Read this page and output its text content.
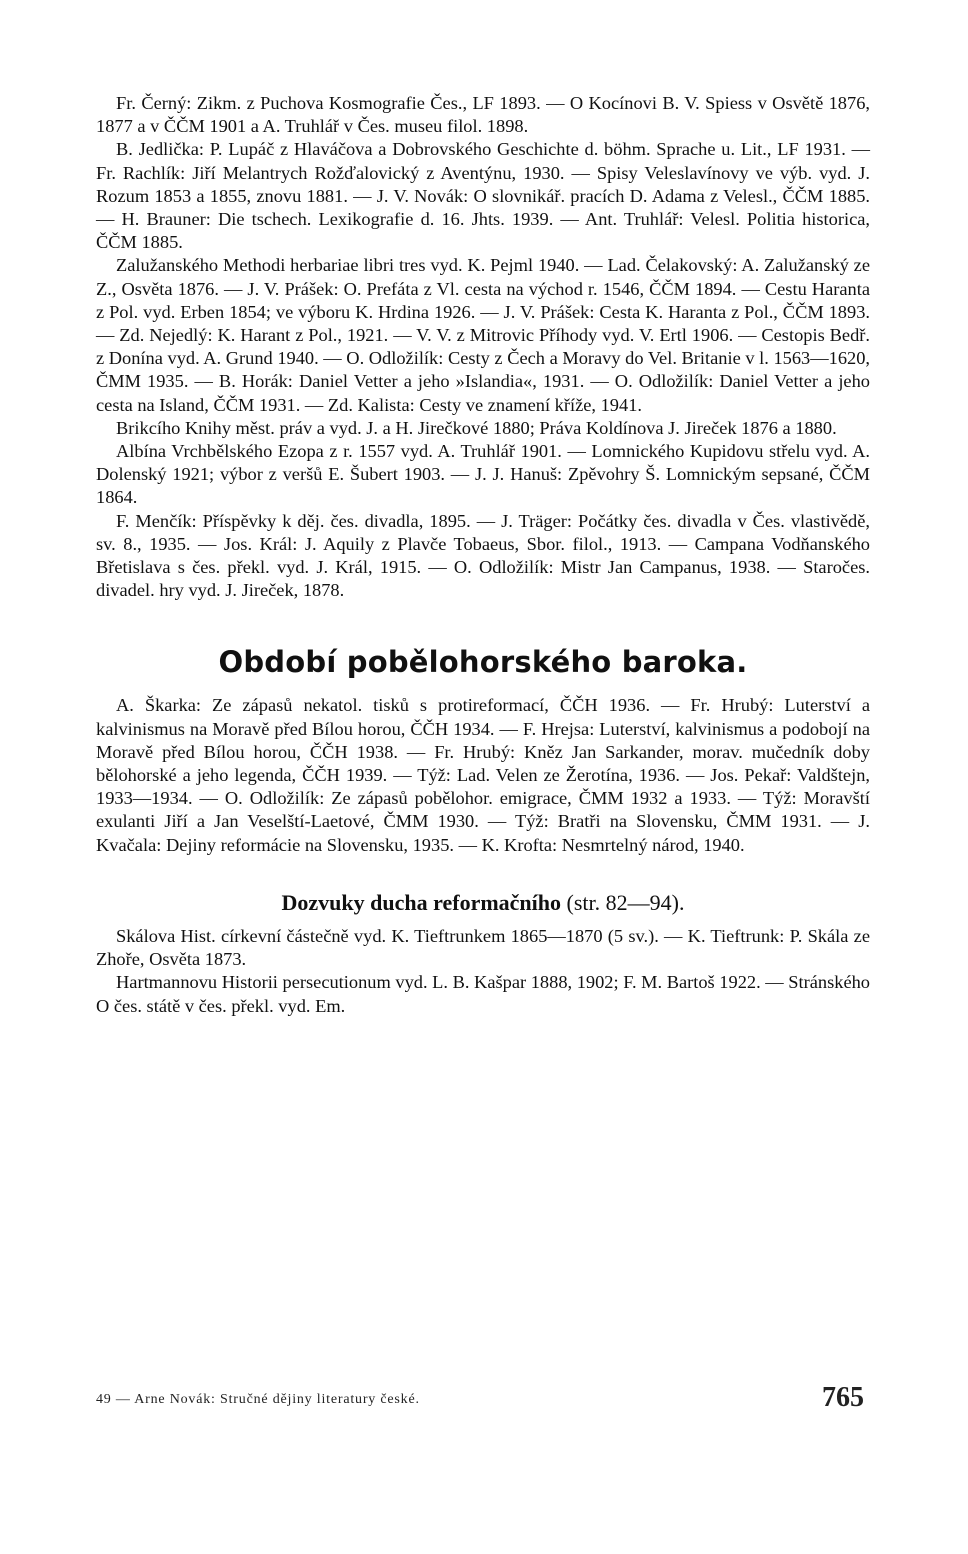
Fr. Černý: Zikm. z Puchova Kosmografie Čes., LF 1893. — O Kocínovi B. V. Spiess v Osvětě 1876, 1877 a v ČČM 1901 a A. Truhlář v Čes. museu filol. 1898.

B. Jedlička: P. Lupáč z Hlaváčova a Dobrovského Geschichte d. böhm. Sprache u. Lit., LF 1931. — Fr. Rachlík: Jiří Melantrych Rožďalovický z Aventýnu, 1930. — Spisy Veleslavínovy ve výb. vyd. J. Rozum 1853 a 1855, znovu 1881. — J. V. Novák: O slovnikář. pracích D. Adama z Velesl., ČČM 1885. — H. Brauner: Die tschech. Lexikografie d. 16. Jhts. 1939. — Ant. Truhlář: Velesl. Politia historica, ČČM 1885.

Zalužanského Methodi herbariae libri tres vyd. K. Pejml 1940. — Lad. Čelakovský: A. Zalužanský ze Z., Osvěta 1876. — J. V. Prášek: O. Prefáta z Vl. cesta na východ r. 1546, ČČM 1894. — Cestu Haranta z Pol. vyd. Erben 1854; ve výboru K. Hrdina 1926. — J. V. Prášek: Cesta K. Haranta z Pol., ČČM 1893. — Zd. Nejedlý: K. Harant z Pol., 1921. — V. V. z Mitrovic Příhody vyd. V. Ertl 1906. — Cestopis Bedř. z Donína vyd. A. Grund 1940. — O. Odložilík: Cesty z Čech a Moravy do Vel. Britanie v l. 1563—1620, ČMM 1935. — B. Horák: Daniel Vetter a jeho »Islandia«, 1931. — O. Odložilík: Daniel Vetter a jeho cesta na Island, ČČM 1931. — Zd. Kalista: Cesty ve znamení kříže, 1941.

Brikcího Knihy měst. práv a vyd. J. a H. Jirečkové 1880; Práva Koldínova J. Jireček 1876 a 1880.

Albína Vrchbělského Ezopa z r. 1557 vyd. A. Truhlář 1901. — Lomnického Kupidovu střelu vyd. A. Dolenský 1921; výbor z veršů E. Šubert 1903. — J. J. Hanuš: Zpěvohry Š. Lomnickým sepsané, ČČM 1864.

F. Menčík: Příspěvky k děj. čes. divadla, 1895. — J. Träger: Počátky čes. divadla v Čes. vlastivědě, sv. 8., 1935. — Jos. Král: J. Aquily z Plavče Tobaeus, Sbor. filol., 1913. — Campana Vodňanského Břetislava s čes. překl. vyd. J. Král, 1915. — O. Odložilík: Mistr Jan Campanus, 1938. — Staročes. divadel. hry vyd. J. Jireček, 1878.

Období pobělohorského baroka.

A. Škarka: Ze zápasů nekatol. tisků s protireformací, ČČH 1936. — Fr. Hrubý: Luterství a kalvinismus na Moravě před Bílou horou, ČČH 1934. — F. Hrejsa: Luterství, kalvinismus a podobojí na Moravě před Bílou horou, ČČH 1938. — Fr. Hrubý: Kněz Jan Sarkander, morav. mučedník doby bělohorské a jeho legenda, ČČH 1939. — Týž: Lad. Velen ze Žerotína, 1936. — Jos. Pekař: Valdštejn, 1933—1934. — O. Odložilík: Ze zápasů pobělohor. emigrace, ČMM 1932 a 1933. — Týž: Moravští exulanti Jiří a Jan Veselští-Laetové, ČMM 1930. — Týž: Bratři na Slovensku, ČMM 1931. — J. Kvačala: Dejiny reformácie na Slovensku, 1935. — K. Krofta: Nesmrtelný národ, 1940.

Dozvuky ducha reformačního (str. 82—94).

Skálova Hist. církevní částečně vyd. K. Tieftrunkem 1865—1870 (5 sv.). — K. Tieftrunk: P. Skála ze Zhoře, Osvěta 1873.

Hartmannovu Historii persecutionum vyd. L. B. Kašpar 1888, 1902; F. M. Bartoš 1922. — Stránského O čes. státě v čes. překl. vyd. Em.

49 — Arne Novák: Stručné dějiny literatury české.	765
